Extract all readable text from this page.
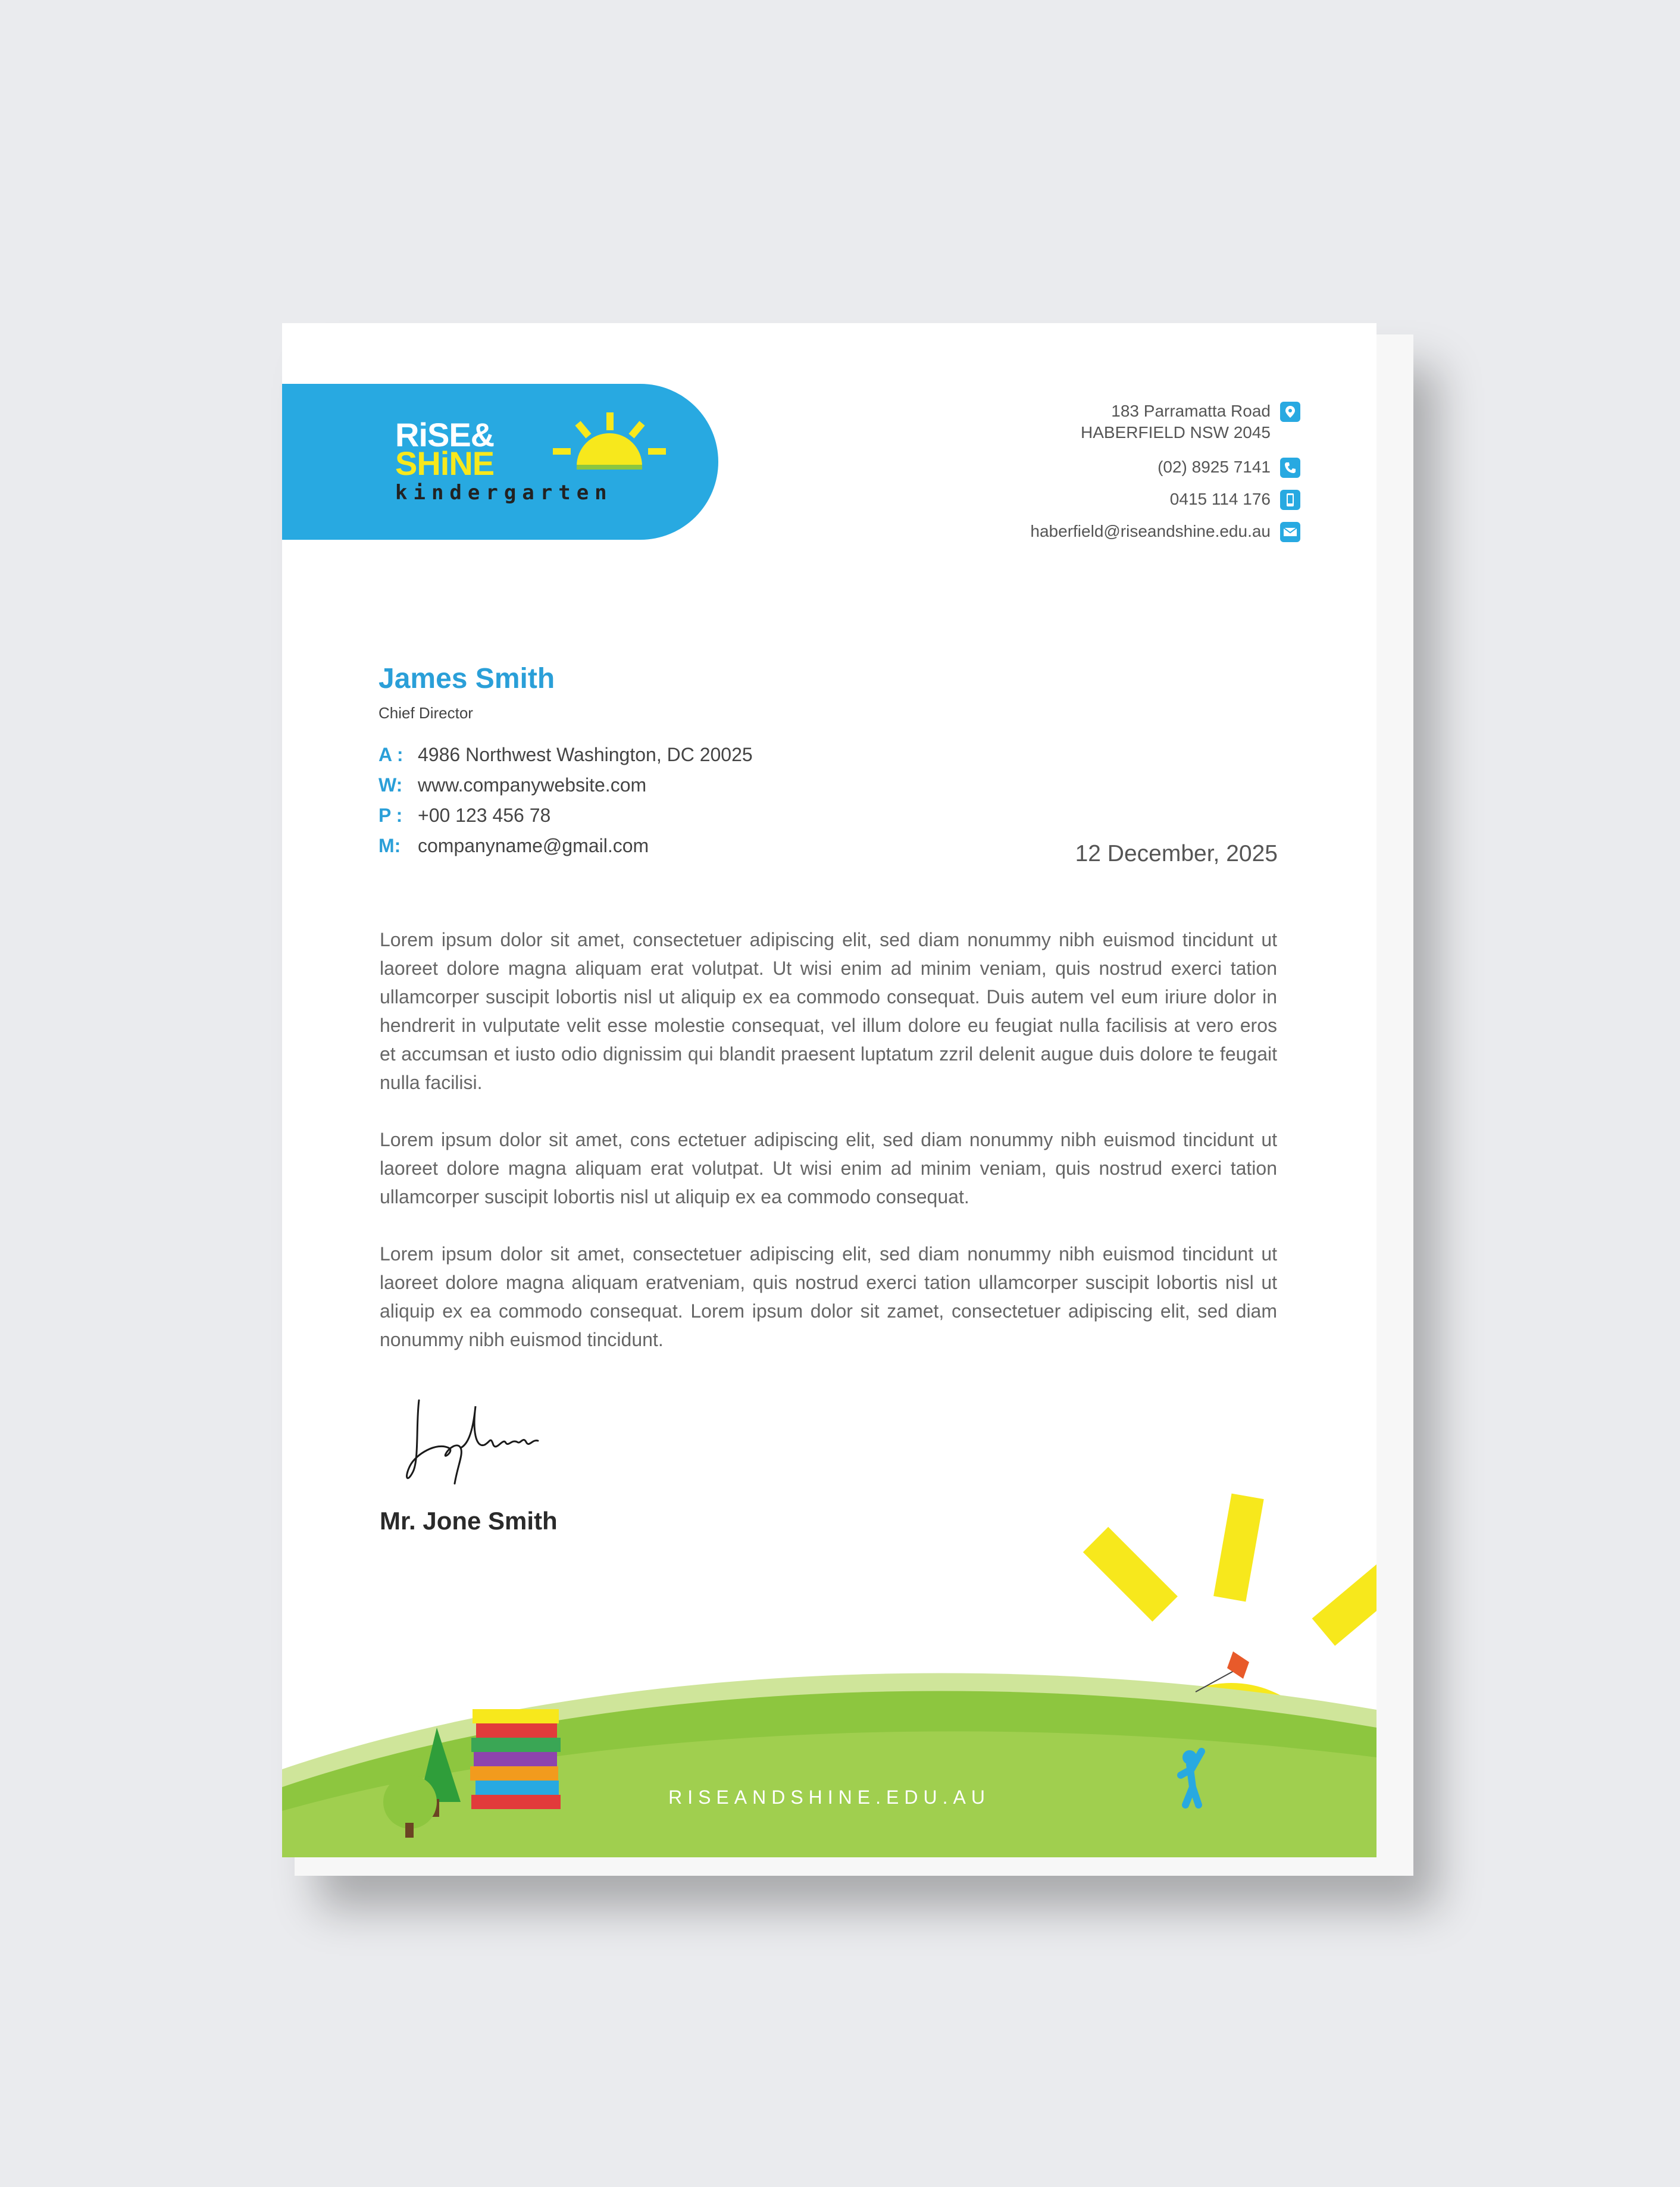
RiSE&
SHiNE
kindergarten
183 Parramatta Road
HABERFIELD NSW 2045
(02) 8925 7141
0415 114 176
haberfield@riseandshine.edu.au
James Smith
Chief Director
A : 4986 Northwest Washington, DC 20025
W: www.companywebsite.com
P : +00 123 456 78
M: companyname@gmail.com	12 December, 2025

Lorem ipsum dolor sit amet, consectetuer adipiscing elit, sed diam nonummy nibh euismod tincidunt ut laoreet dolore magna aliquam erat volutpat. Ut wisi enim ad minim veniam, quis nostrud exerci tation ullamcorper suscipit lobortis nisl ut aliquip ex ea commodo consequat. Duis autem vel eum iriure dolor in hendrerit in vulputate velit esse molestie consequat, vel illum dolore eu feugiat nulla facilisis at vero eros et accumsan et iusto odio dignissim qui blandit praesent luptatum zzril delenit augue duis dolore te feugait nulla facilisi.

Lorem ipsum dolor sit amet, cons ectetuer adipiscing elit, sed diam nonummy nibh euismod tincidunt ut laoreet dolore magna aliquam erat volutpat. Ut wisi enim ad minim veniam, quis nostrud exerci tation ullamcorper suscipit lobortis nisl ut aliquip ex ea commodo consequat.

Lorem ipsum dolor sit amet, consectetuer adipiscing elit, sed diam nonummy nibh euismod tincidunt ut laoreet dolore magna aliquam eratveniam, quis nostrud exerci tation ullamcorper suscipit lobortis nisl ut aliquip ex ea commodo consequat. Lorem ipsum dolor sit zamet, consectetuer adipiscing elit, sed diam nonummy nibh euismod tincidunt.

Mr. Jone Smith
RISEANDSHINE.EDU.AU
